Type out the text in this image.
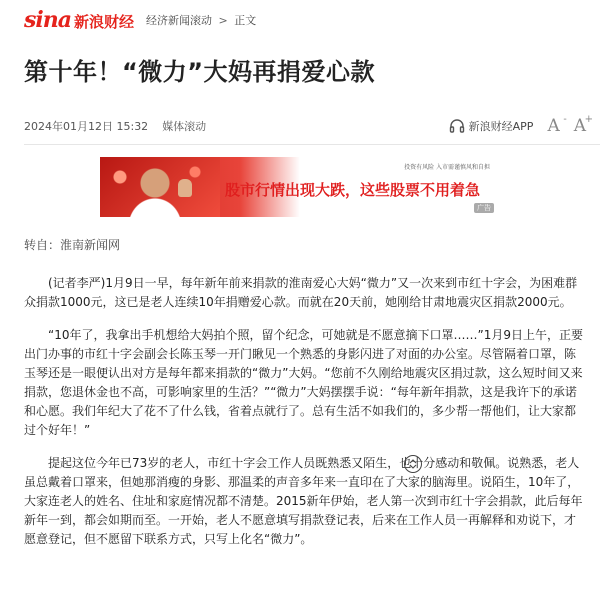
sina 新浪财经 经济新闻滚动 > 正文
第十年！“微力”大妈再捐爱心款
2024年01月12日 15:32 媒体滚动	新浪财经APP A - A
+
投资有风险 入市需谨慎风和自担
股市行情出现大跌，这些股票不用着急
广告
转自：淮南新闻网

(记者李严)1月9日一早，每年新年前来捐款的淮南爱心大妈“微力”又一次来到市红十字会，为困难群众捐款1000元，这已是老人连续10年捐赠爱心款。而就在20天前，她刚给甘肃地震灾区捐款2000元。

“10年了，我拿出手机想给大妈拍个照，留个纪念，可她就是不愿意摘下口罩……”1月9日上午，正要出门办事的市红十字会副会长陈玉琴一开门瞅见一个熟悉的身影闪进了对面的办公室。尽管隔着口罩，陈玉琴还是一眼便认出对方是每年都来捐款的“微力”大妈。“您前不久刚给地震灾区捐过款，这么短时间又来捐款，您退休金也不高，可影响家里的生活？”“微力”大妈摆摆手说：“每年新年捐款，这是我许下的承诺和心愿。我们年纪大了花不了什么钱，省着点就行了。总有生活不如我们的，多少帮一帮他们，让大家都过个好年！”

提起这位今年已73岁的老人，市红十字会工作人员既熟悉又陌生，也十分感动和敬佩。说熟悉，老人虽总戴着口罩来，但她那消瘦的身影、那温柔的声音多年来一直印在了大家的脑海里。说陌生，10年了，大家连老人的姓名、住址和家庭情况都不清楚。2015新年伊始，老人第一次到市红十字会捐款，此后每年新年一到，都会如期而至。一开始，老人不愿意填写捐款登记表，后来在工作人员一再解释和劝说下，才愿意登记，但不愿留下联系方式，只写上化名“微力”。
